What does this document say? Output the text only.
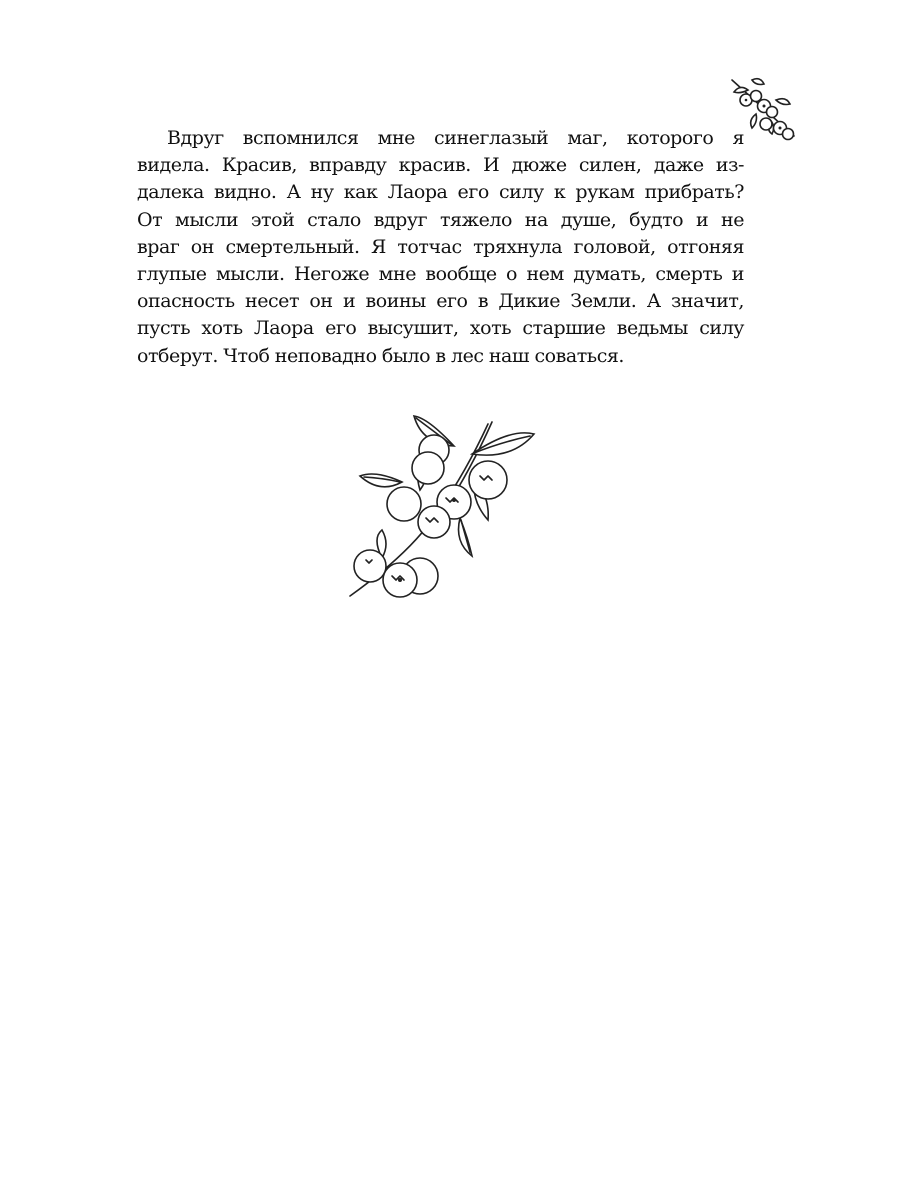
Вдруг вспомнился мне синеглазый маг, которого я
видела. Красив, вправду красив. И дюже силен, даже из-
далека видно. А ну как Лаора его силу к рукам прибрать?
От мысли этой стало вдруг тяжело на душе, будто и не
враг он смертельный. Я тотчас тряхнула головой, отгоняя
глупые мысли. Негоже мне вообще о нем думать, смерть и
опасность несет он и воины его в Дикие Земли. А значит,
пусть хоть Лаора его высушит, хоть старшие ведьмы силу
отберут. Чтоб неповадно было в лес наш соваться.
